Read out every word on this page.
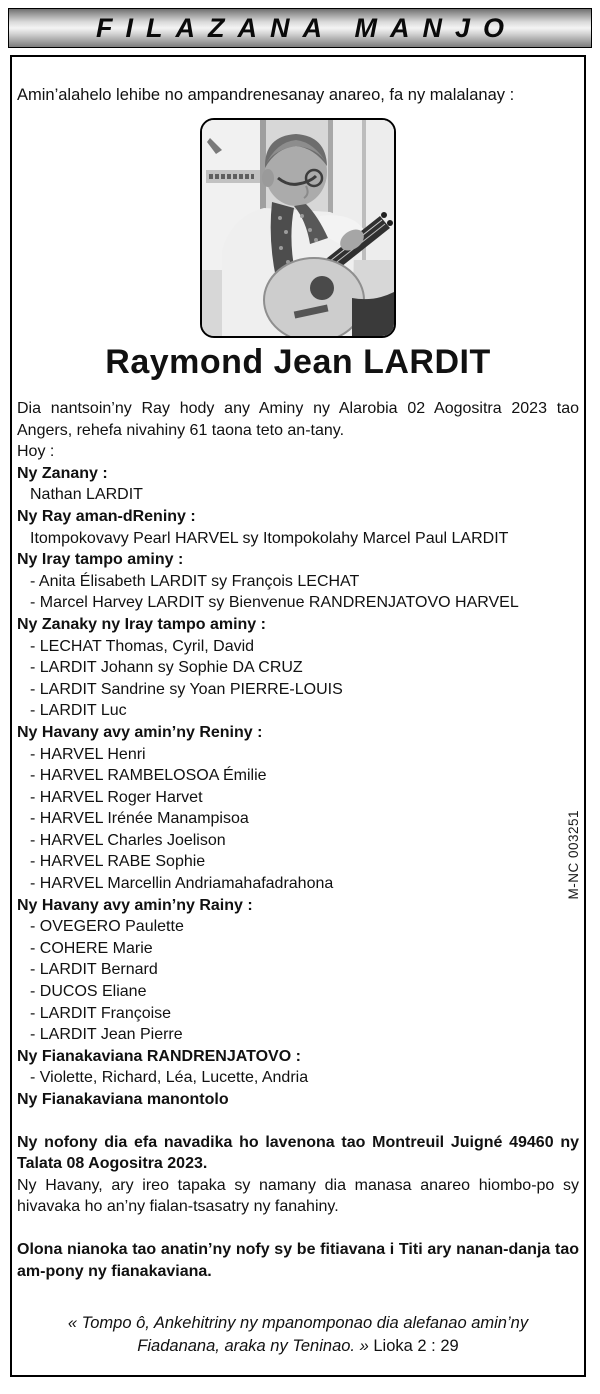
FILAZANA MANJO

Amin’alahelo lehibe no ampandrenesanay anareo, fa ny malalanay :

Raymond Jean LARDIT

Dia nantsoin’ny Ray hody any Aminy ny Alarobia 02 Aogositra 2023 tao Angers, rehefa nivahiny 61 taona teto an-tany.

Hoy :

Ny Zanany :

Nathan LARDIT

Ny Ray aman-dReniny :

Itompokovavy Pearl HARVEL sy Itompokolahy Marcel Paul LARDIT

Ny Iray tampo aminy :

- Anita Élisabeth LARDIT sy François LECHAT

- Marcel Harvey LARDIT sy Bienvenue RANDRENJATOVO HARVEL

Ny Zanaky ny Iray tampo aminy :

- LECHAT Thomas, Cyril, David

- LARDIT Johann sy Sophie DA CRUZ

- LARDIT Sandrine sy Yoan PIERRE-LOUIS

- LARDIT Luc

Ny Havany avy amin’ny Reniny :

- HARVEL Henri

- HARVEL RAMBELOSOA Émilie

- HARVEL Roger Harvet

- HARVEL Irénée Manampisoa

- HARVEL Charles Joelison

- HARVEL RABE Sophie

- HARVEL Marcellin Andriamahafadrahona

Ny Havany avy amin’ny Rainy :

- OVEGERO Paulette

- COHERE Marie

- LARDIT Bernard

- DUCOS Eliane

- LARDIT Françoise

- LARDIT Jean Pierre

Ny Fianakaviana RANDRENJATOVO :

- Violette, Richard, Léa, Lucette, Andria

Ny Fianakaviana manontolo

Ny nofony dia efa navadika ho lavenona tao Montreuil Juigné 49460 ny Talata 08 Aogositra 2023.

Ny Havany, ary ireo tapaka sy namany dia manasa anareo hiombo-po sy hivavaka ho an’ny fialan-tsasatry ny fanahiny.

Olona nianoka tao anatin’ny nofy sy be fitiavana i Titi ary nanan-danja tao am-pony ny fianakaviana.

« Tompo ô, Ankehitriny ny mpanomponao dia alefanao amin’ny Fiadanana, araka ny Teninao. » Lioka 2 : 29

M-NC 003251
